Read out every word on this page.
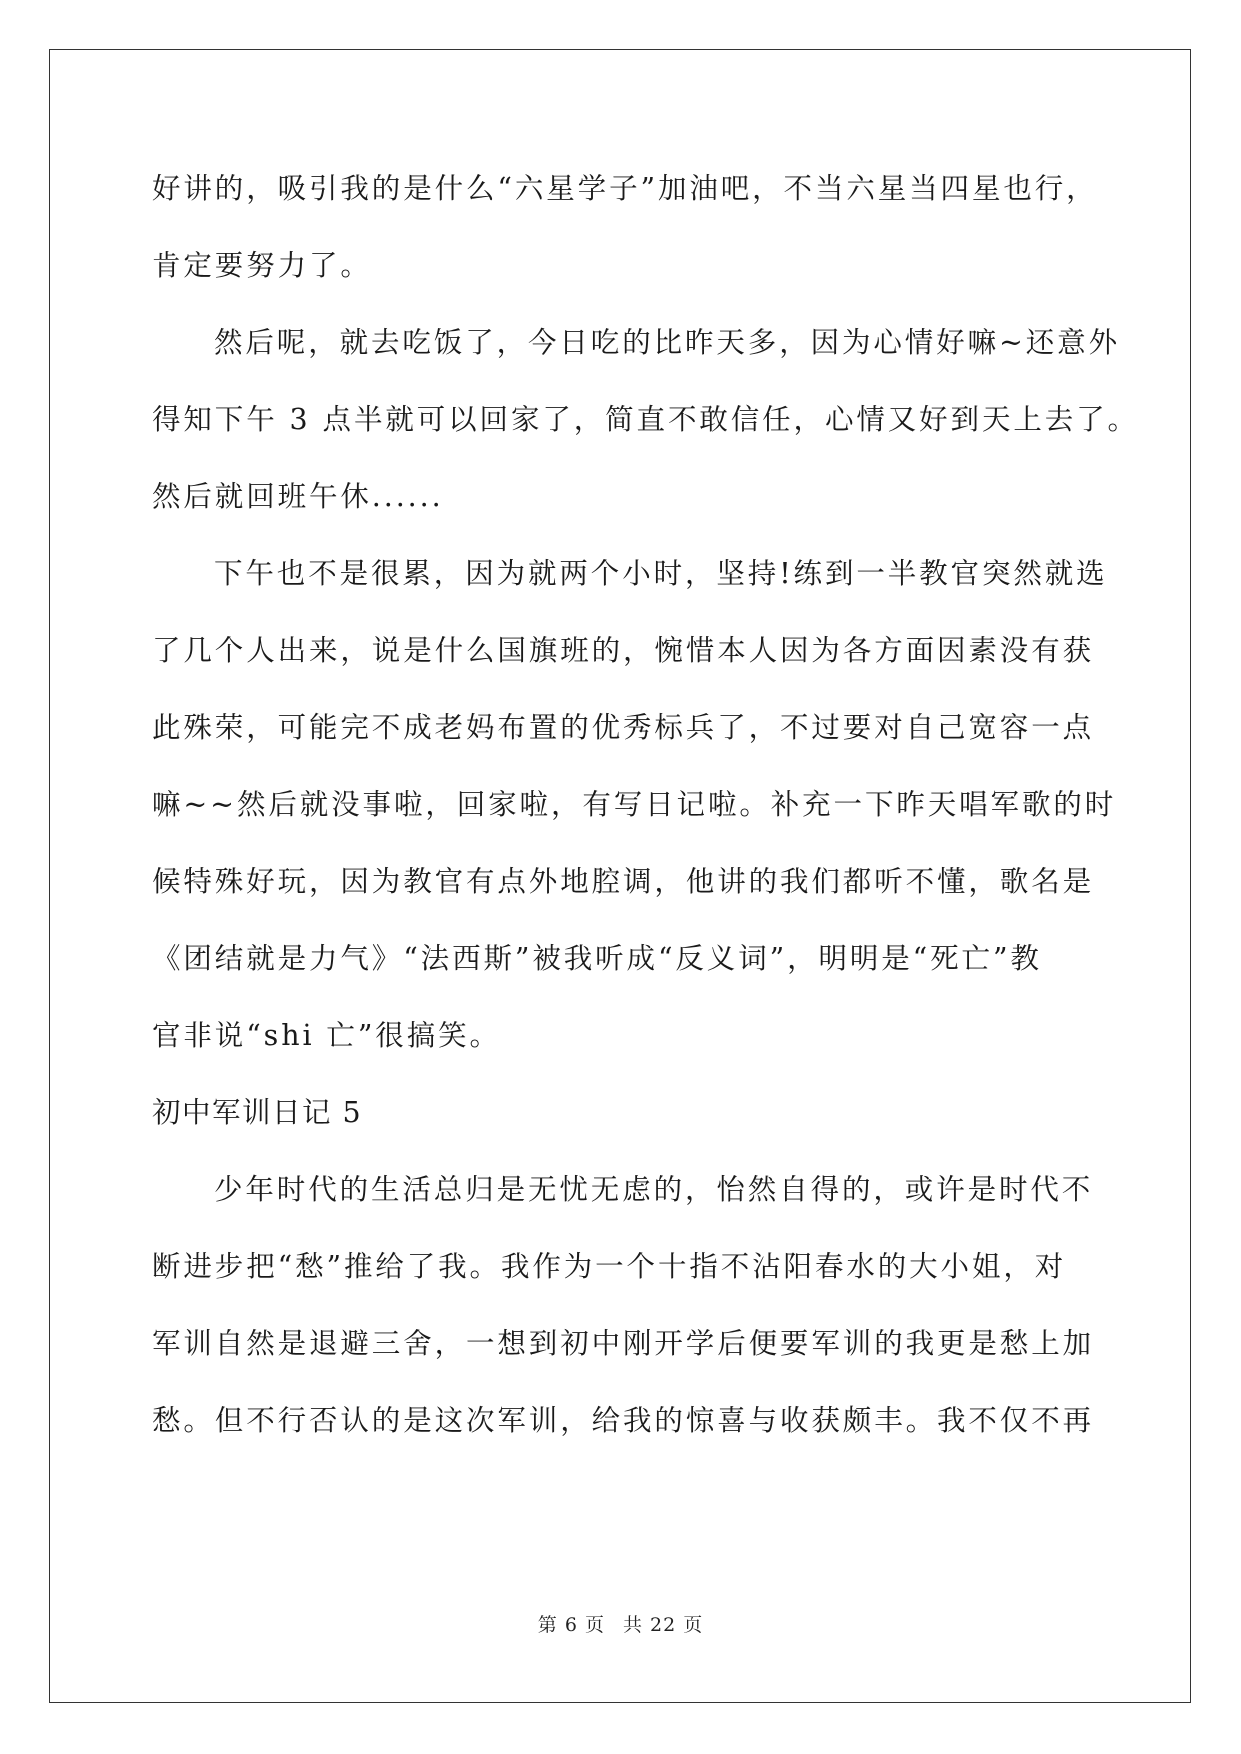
好讲的，吸引我的是什么“六星学子”加油吧，不当六星当四星也行，
肯定要努力了。
然后呢，就去吃饭了，今日吃的比昨天多，因为心情好嘛~还意外
得知下午 3 点半就可以回家了，简直不敢信任，心情又好到天上去了。
然后就回班午休......
下午也不是很累，因为就两个小时，坚持!练到一半教官突然就选
了几个人出来，说是什么国旗班的，惋惜本人因为各方面因素没有获
此殊荣，可能完不成老妈布置的优秀标兵了，不过要对自己宽容一点
嘛~~然后就没事啦，回家啦，有写日记啦。补充一下昨天唱军歌的时
候特殊好玩，因为教官有点外地腔调，他讲的我们都听不懂，歌名是
《团结就是力气》“法西斯”被我听成“反义词”，明明是“死亡”教
官非说“shi 亡”很搞笑。
初中军训日记 5
少年时代的生活总归是无忧无虑的，怡然自得的，或许是时代不
断进步把“愁”推给了我。我作为一个十指不沾阳春水的大小姐，对
军训自然是退避三舍，一想到初中刚开学后便要军训的我更是愁上加
愁。但不行否认的是这次军训，给我的惊喜与收获颇丰。我不仅不再
第 6 页 共 22 页
